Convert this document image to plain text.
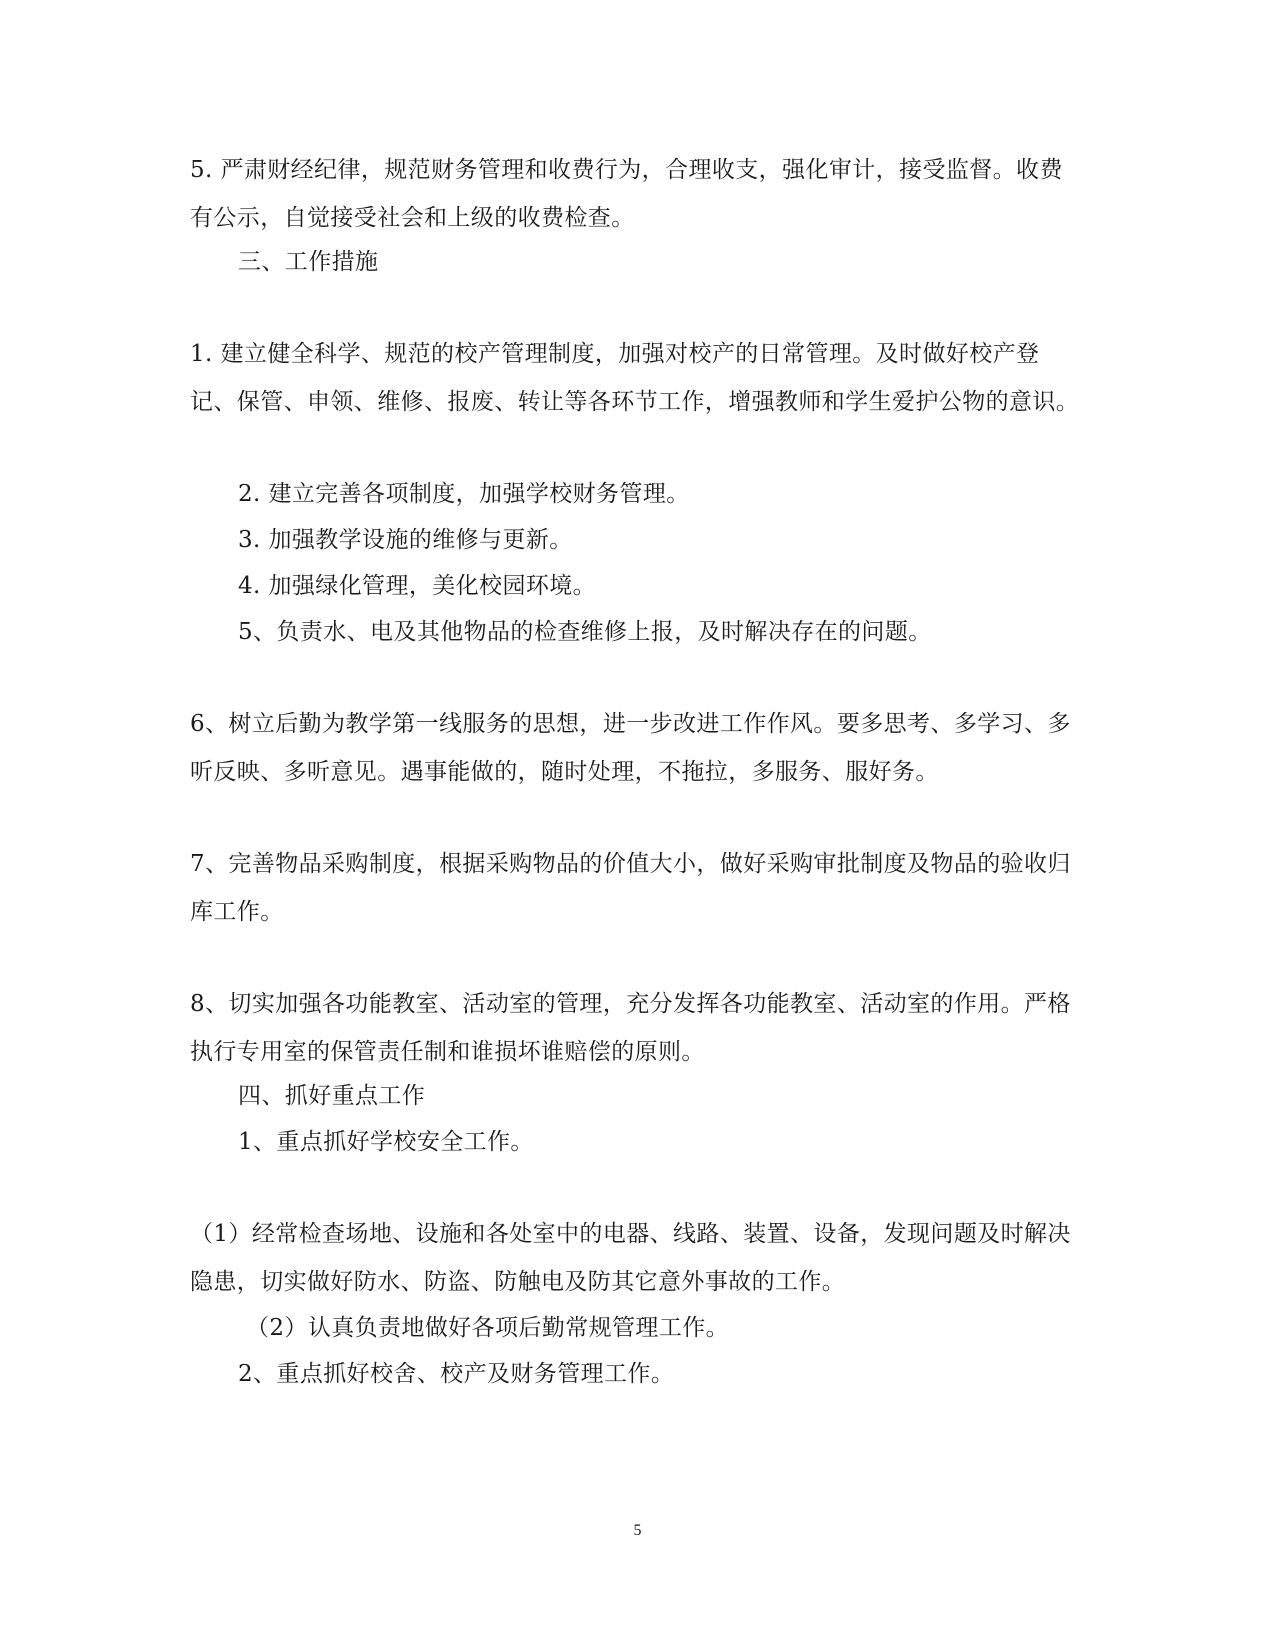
5. 严肃财经纪律，规范财务管理和收费行为，合理收支，强化审计，接受监督。收费有公示，自觉接受社会和上级的收费检查。

三、工作措施

1. 建立健全科学、规范的校产管理制度，加强对校产的日常管理。及时做好校产登记、保管、申领、维修、报废、转让等各环节工作，增强教师和学生爱护公物的意识。

2. 建立完善各项制度，加强学校财务管理。

3. 加强教学设施的维修与更新。

4. 加强绿化管理，美化校园环境。

5、负责水、电及其他物品的检查维修上报，及时解决存在的问题。

6、树立后勤为教学第一线服务的思想，进一步改进工作作风。要多思考、多学习、多听反映、多听意见。遇事能做的，随时处理，不拖拉，多服务、服好务。

7、完善物品采购制度，根据采购物品的价值大小，做好采购审批制度及物品的验收归库工作。

8、切实加强各功能教室、活动室的管理，充分发挥各功能教室、活动室的作用。严格执行专用室的保管责任制和谁损坏谁赔偿的原则。

四、抓好重点工作

1、重点抓好学校安全工作。

（1）经常检查场地、设施和各处室中的电器、线路、装置、设备，发现问题及时解决隐患，切实做好防水、防盗、防触电及防其它意外事故的工作。

（2）认真负责地做好各项后勤常规管理工作。

2、重点抓好校舍、校产及财务管理工作。

5
